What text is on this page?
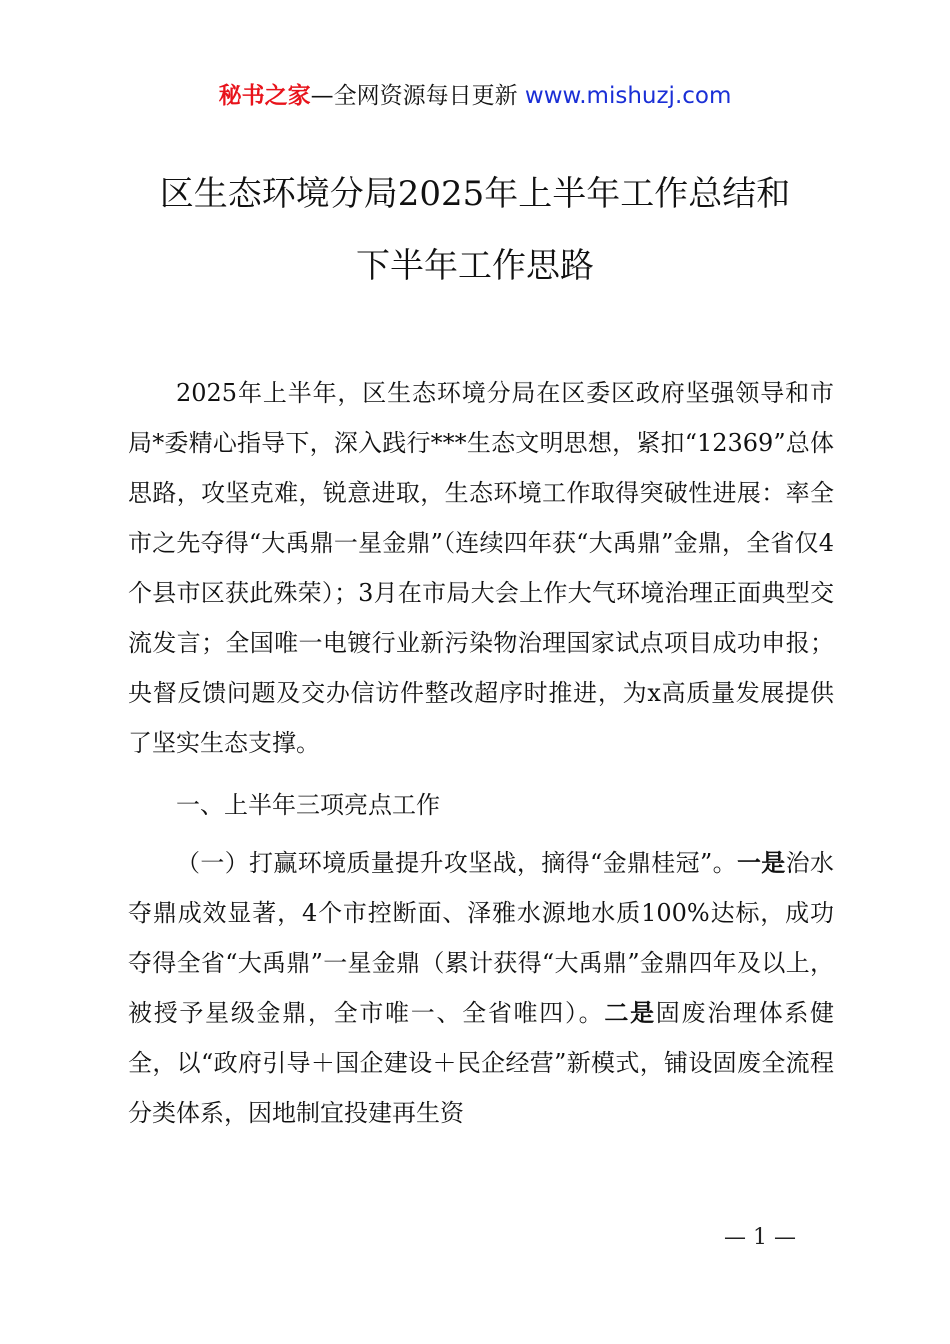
秘书之家—全网资源每日更新 www.mishuzj.com
区生态环境分局2025年上半年工作总结和
下半年工作思路

2025年上半年，区生态环境分局在区委区政府坚强领导和市局*委精心指导下，深入践行***生态文明思想，紧扣“12369”总体思路，攻坚克难，锐意进取，生态环境工作取得突破性进展：率全市之先夺得“大禹鼎一星金鼎”（连续四年获“大禹鼎”金鼎，全省仅4个县市区获此殊荣）；3月在市局大会上作大气环境治理正面典型交流发言；全国唯一电镀行业新污染物治理国家试点项目成功申报；央督反馈问题及交办信访件整改超序时推进，为x高质量发展提供了坚实生态支撑。

一、上半年三项亮点工作

（一）打赢环境质量提升攻坚战，摘得“金鼎桂冠”。一是治水夺鼎成效显著，4个市控断面、泽雅水源地水质100%达标，成功夺得全省“大禹鼎”一星金鼎（累计获得“大禹鼎”金鼎四年及以上，被授予星级金鼎，全市唯一、全省唯四）。二是固废治理体系健全，以“政府引导＋国企建设＋民企经营”新模式，铺设固废全流程分类体系，因地制宜投建再生资

— 1 —
